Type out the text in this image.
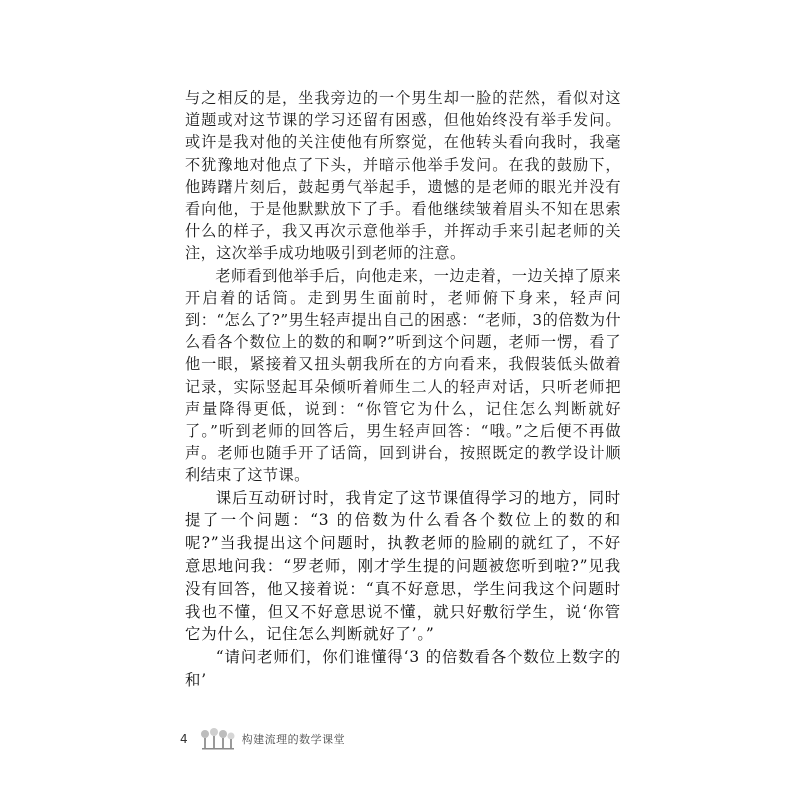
与之相反的是，坐我旁边的一个男生却一脸的茫然，看似对这道题或对这节课的学习还留有困惑，但他始终没有举手发问。或许是我对他的关注使他有所察觉，在他转头看向我时，我毫不犹豫地对他点了下头，并暗示他举手发问。在我的鼓励下，他踌躇片刻后，鼓起勇气举起手，遗憾的是老师的眼光并没有看向他，于是他默默放下了手。看他继续皱着眉头不知在思索什么的样子，我又再次示意他举手，并挥动手来引起老师的关注，这次举手成功地吸引到老师的注意。

老师看到他举手后，向他走来，一边走着，一边关掉了原来开启着的话筒。走到男生面前时，老师俯下身来，轻声问到：“怎么了?”男生轻声提出自己的困惑：“老师，3的倍数为什么看各个数位上的数的和啊?”听到这个问题，老师一愣，看了他一眼，紧接着又扭头朝我所在的方向看来，我假装低头做着记录，实际竖起耳朵倾听着师生二人的轻声对话，只听老师把声量降得更低，说到：“你管它为什么，记住怎么判断就好了。”听到老师的回答后，男生轻声回答：“哦。”之后便不再做声。老师也随手开了话筒，回到讲台，按照既定的教学设计顺利结束了这节课。

课后互动研讨时，我肯定了这节课值得学习的地方，同时提了一个问题：“3 的倍数为什么看各个数位上的数的和呢?”当我提出这个问题时，执教老师的脸刷的就红了，不好意思地问我：“罗老师，刚才学生提的问题被您听到啦?”见我没有回答，他又接着说：“真不好意思，学生问我这个问题时我也不懂，但又不好意思说不懂，就只好敷衍学生，说‘你管它为什么，记住怎么判断就好了’。”

“请问老师们，你们谁懂得‘3 的倍数看各个数位上数字的和’

4	构建流理的数学课堂
